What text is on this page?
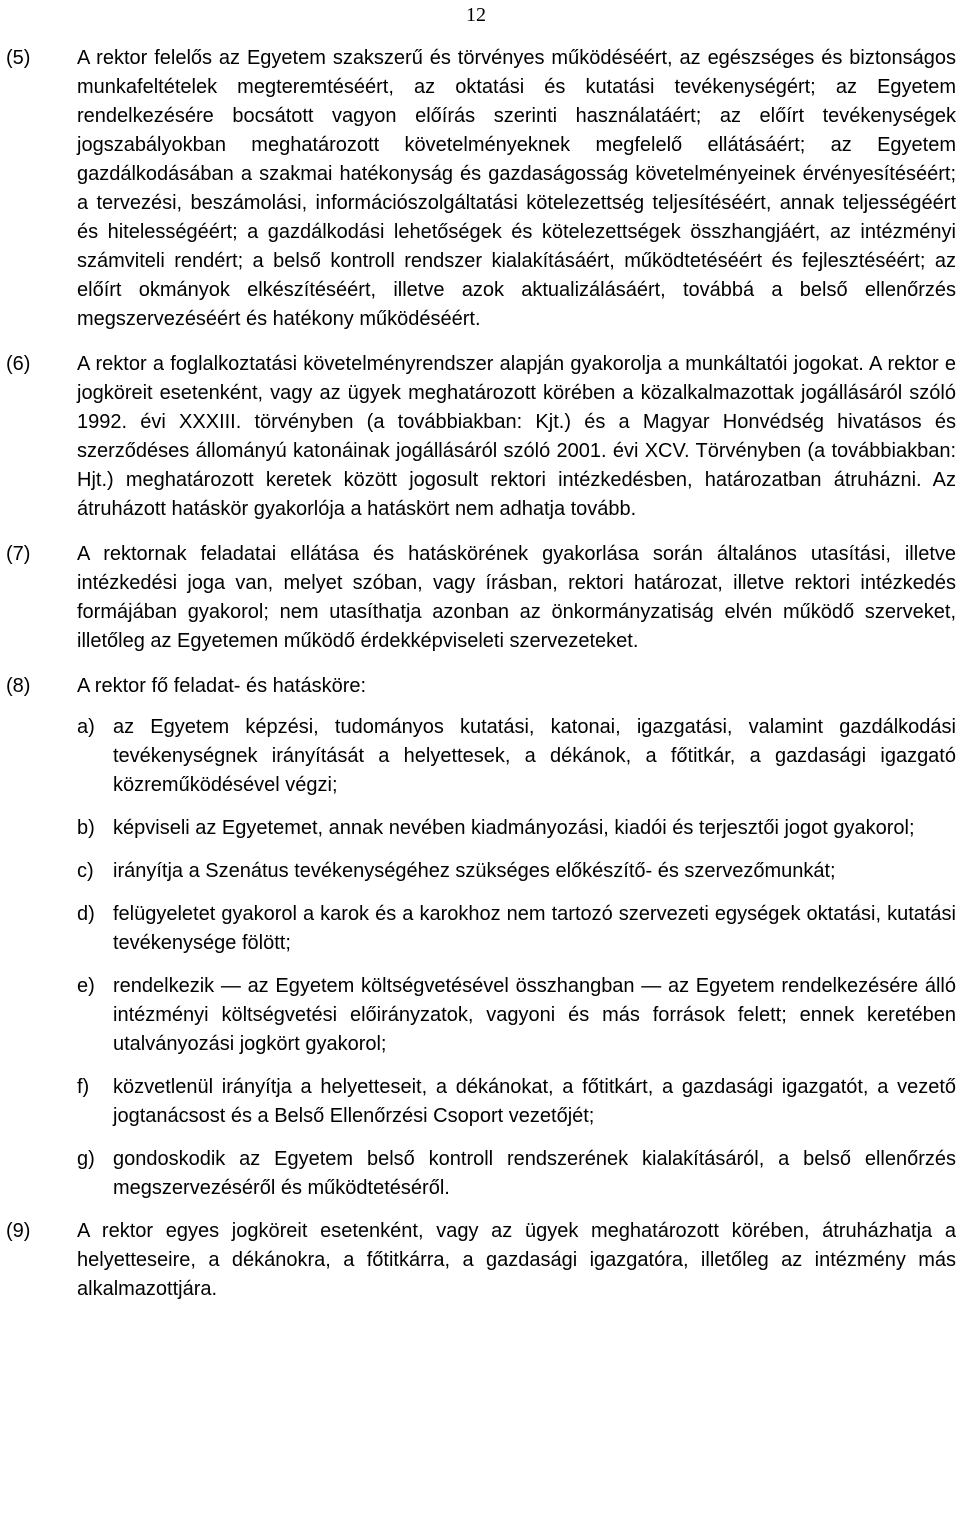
12
(5) A rektor felelős az Egyetem szakszerű és törvényes működéséért, az egészséges és biztonságos munkafeltételek megteremtéséért, az oktatási és kutatási tevékenységért; az Egyetem rendelkezésére bocsátott vagyon előírás szerinti használatáért; az előírt tevékenységek jogszabályokban meghatározott követelményeknek megfelelő ellátásáért; az Egyetem gazdálkodásában a szakmai hatékonyság és gazdaságosság követelményeinek érvényesítéséért; a tervezési, beszámolási, információszolgáltatási kötelezettség teljesítéséért, annak teljességéért és hitelességéért; a gazdálkodási lehetőségek és kötelezettségek összhangjáért, az intézményi számviteli rendért; a belső kontroll rendszer kialakításáért, működtetéséért és fejlesztéséért; az előírt okmányok elkészítéséért, illetve azok aktualizálásáért, továbbá a belső ellenőrzés megszervezéséért és hatékony működéséért.
(6) A rektor a foglalkoztatási követelményrendszer alapján gyakorolja a munkáltatói jogokat. A rektor e jogköreit esetenként, vagy az ügyek meghatározott körében a közalkalmazottak jogállásáról szóló 1992. évi XXXIII. törvényben (a továbbiakban: Kjt.) és a Magyar Honvédség hivatásos és szerződéses állományú katonáinak jogállásáról szóló 2001. évi XCV. Törvényben (a továbbiakban: Hjt.) meghatározott keretek között jogosult rektori intézkedésben, határozatban átruházni. Az átruházott hatáskör gyakorlója a hatáskört nem adhatja tovább.
(7) A rektornak feladatai ellátása és hatáskörének gyakorlása során általános utasítási, illetve intézkedési joga van, melyet szóban, vagy írásban, rektori határozat, illetve rektori intézkedés formájában gyakorol; nem utasíthatja azonban az önkormányzatiság elvén működő szerveket, illetőleg az Egyetemen működő érdekképviseleti szervezeteket.
(8) A rektor fő feladat- és hatásköre:
a) az Egyetem képzési, tudományos kutatási, katonai, igazgatási, valamint gazdálkodási tevékenységnek irányítását a helyettesek, a dékánok, a főtitkár, a gazdasági igazgató közreműködésével végzi;
b) képviseli az Egyetemet, annak nevében kiadmányozási, kiadói és terjesztői jogot gyakorol;
c) irányítja a Szenátus tevékenységéhez szükséges előkészítő- és szervezőmunkát;
d) felügyeletet gyakorol a karok és a karokhoz nem tartozó szervezeti egységek oktatási, kutatási tevékenysége fölött;
e) rendelkezik — az Egyetem költségvetésével összhangban — az Egyetem rendelkezésére álló intézményi költségvetési előirányzatok, vagyoni és más források felett; ennek keretében utalványozási jogkört gyakorol;
f) közvetlenül irányítja a helyetteseit, a dékánokat, a főtitkárt, a gazdasági igazgatót, a vezető jogtanácsost és a Belső Ellenőrzési Csoport vezetőjét;
g) gondoskodik az Egyetem belső kontroll rendszerének kialakításáról, a belső ellenőrzés megszervezéséről és működtetéséről.
(9) A rektor egyes jogköreit esetenként, vagy az ügyek meghatározott körében, átruházhatja a helyetteseire, a dékánokra, a főtitkárra, a gazdasági igazgatóra, illetőleg az intézmény más alkalmazottjára.
